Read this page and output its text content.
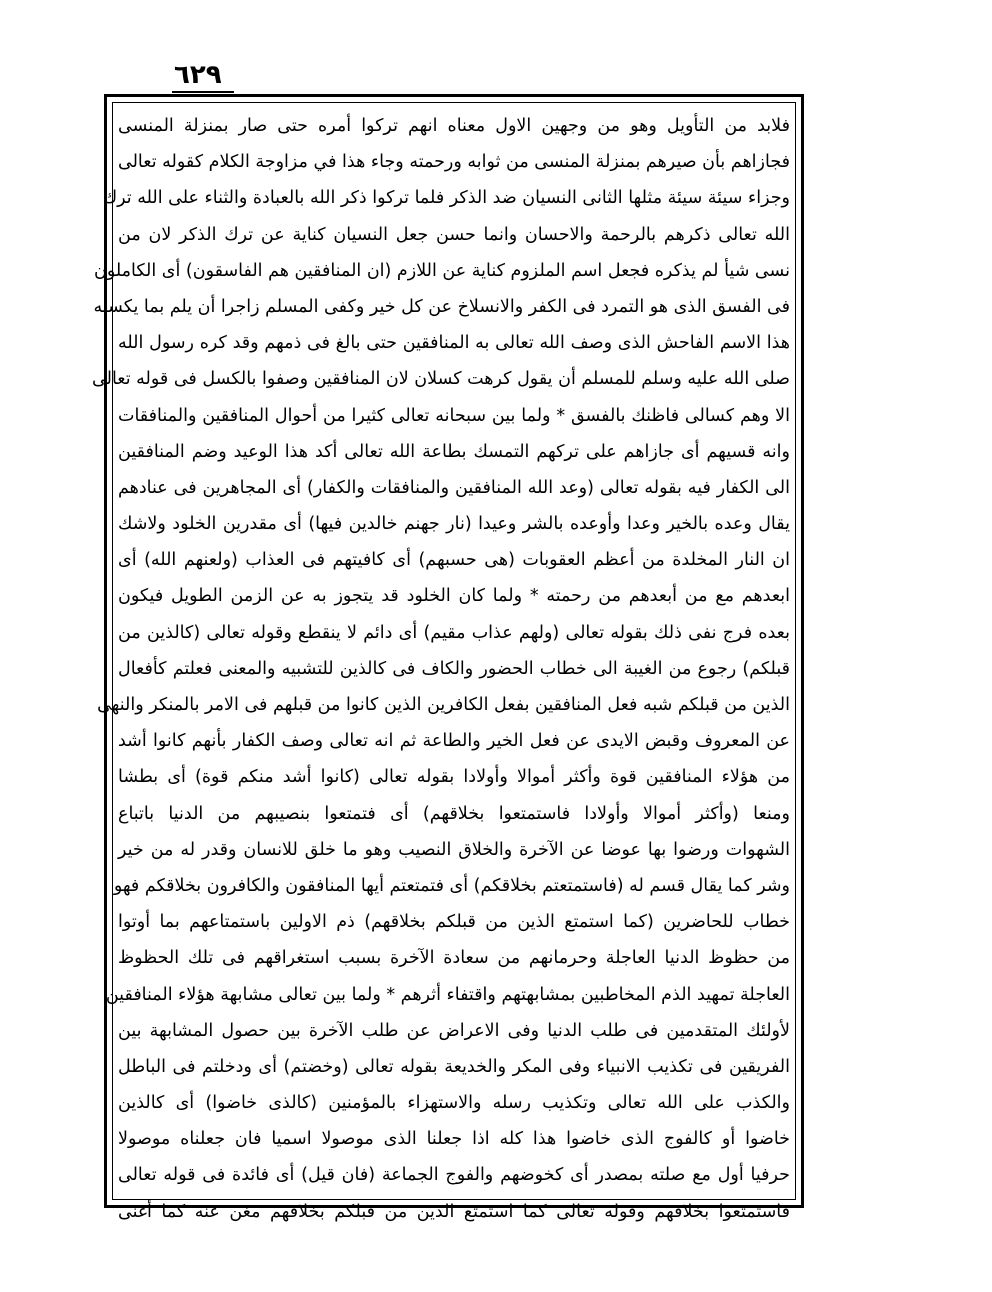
٦٢٩
فلابد من التأويل وهو من وجهين الاول معناه انهم تركوا أمره حتى صار بمنزلة المنسى
فجازاهم بأن صيرهم بمنزلة المنسى من ثوابه ورحمته وجاء هذا في مزاوجة الكلام كقوله تعالى
وجزاء سيئة سيئة مثلها الثانى النسيان ضد الذكر فلما تركوا ذكر الله بالعبادة والثناء على الله ترك
الله تعالى ذكرهم بالرحمة والاحسان وانما حسن جعل النسيان كناية عن ترك الذكر لان من
نسى شيأ لم يذكره فجعل اسم الملزوم كناية عن اللازم (ان المنافقين هم الفاسقون) أى الكاملون
فى الفسق الذى هو التمرد فى الكفر والانسلاخ عن كل خير وكفى المسلم زاجرا أن يلم بما يكسبه
هذا الاسم الفاحش الذى وصف الله تعالى به المنافقين حتى بالغ فى ذمهم وقد كره رسول الله
صلى الله عليه وسلم للمسلم أن يقول كرهت كسلان لان المنافقين وصفوا بالكسل فى قوله تعالى
الا وهم كسالى فاظنك بالفسق * ولما بين سبحانه تعالى كثيرا من أحوال المنافقين والمنافقات
وانه قسيهم أى جازاهم على تركهم التمسك بطاعة الله تعالى أكد هذا الوعيد وضم المنافقين
الى الكفار فيه بقوله تعالى (وعد الله المنافقين والمنافقات والكفار) أى المجاهرين فى عنادهم
يقال وعده بالخير وعدا وأوعده بالشر وعيدا (نار جهنم خالدين فيها) أى مقدرين الخلود ولاشك
ان النار المخلدة من أعظم العقوبات (هى حسبهم) أى كافيتهم فى العذاب (ولعنهم الله) أى
ابعدهم مع من أبعدهم من رحمته * ولما كان الخلود قد يتجوز به عن الزمن الطويل فيكون
بعده فرج نفى ذلك بقوله تعالى (ولهم عذاب مقيم) أى دائم لا ينقطع وقوله تعالى (كالذين من
قبلكم) رجوع من الغيبة الى خطاب الحضور والكاف فى كالذين للتشبيه والمعنى فعلتم كأفعال
الذين من قبلكم شبه فعل المنافقين بفعل الكافرين الذين كانوا من قبلهم فى الامر بالمنكر والنهى
عن المعروف وقبض الايدى عن فعل الخير والطاعة ثم انه تعالى وصف الكفار بأنهم كانوا أشد
من هؤلاء المنافقين قوة وأكثر أموالا وأولادا بقوله تعالى (كانوا أشد منكم قوة) أى بطشا
ومنعا (وأكثر أموالا وأولادا فاستمتعوا بخلاقهم) أى فتمتعوا بنصيبهم من الدنيا باتباع
الشهوات ورضوا بها عوضا عن الآخرة والخلاق النصيب وهو ما خلق للانسان وقدر له من خير
وشر كما يقال قسم له (فاستمتعتم بخلاقكم) أى فتمتعتم أيها المنافقون والكافرون بخلاقكم فهو
خطاب للحاضرين (كما استمتع الذين من قبلكم بخلاقهم) ذم الاولين باستمتاعهم بما أوتوا
من حظوظ الدنيا العاجلة وحرمانهم من سعادة الآخرة بسبب استغراقهم فى تلك الحظوظ
العاجلة تمهيد الذم المخاطبين بمشابهتهم واقتفاء أثرهم * ولما بين تعالى مشابهة هؤلاء المنافقين
لأولئك المتقدمين فى طلب الدنيا وفى الاعراض عن طلب الآخرة بين حصول المشابهة بين
الفريقين فى تكذيب الانبياء وفى المكر والخديعة بقوله تعالى (وخضتم) أى ودخلتم فى الباطل
والكذب على الله تعالى وتكذيب رسله والاستهزاء بالمؤمنين (كالذى خاضوا) أى كالذين
خاضوا أو كالفوج الذى خاضوا هذا كله اذا جعلنا الذى موصولا اسميا فان جعلناه موصولا
حرفيا أول مع صلته بمصدر أى كخوضهم والفوج الجماعة (فان قيل) أى فائدة فى قوله تعالى
فاستمتعوا بخلاقهم وقوله تعالى كما استمتع الذين من قبلكم بخلاقهم مغن عنه كما أغنى
